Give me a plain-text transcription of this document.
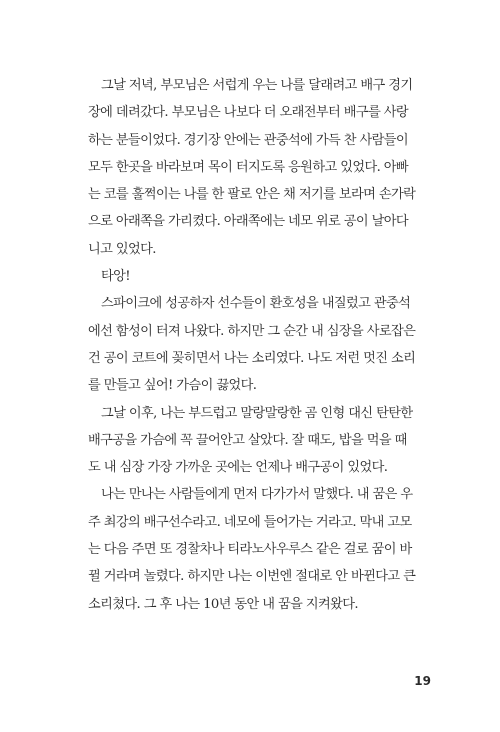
그날 저녁, 부모님은 서럽게 우는 나를 달래려고 배구 경기
장에 데려갔다. 부모님은 나보다 더 오래전부터 배구를 사랑
하는 분들이었다. 경기장 안에는 관중석에 가득 찬 사람들이
모두 한곳을 바라보며 목이 터지도록 응원하고 있었다. 아빠
는 코를 훌쩍이는 나를 한 팔로 안은 채 저기를 보라며 손가락
으로 아래쪽을 가리켰다. 아래쪽에는 네모 위로 공이 날아다
니고 있었다.
타앙!
스파이크에 성공하자 선수들이 환호성을 내질렀고 관중석
에선 함성이 터져 나왔다. 하지만 그 순간 내 심장을 사로잡은
건 공이 코트에 꽂히면서 나는 소리였다. 나도 저런 멋진 소리
를 만들고 싶어! 가슴이 끓었다.
그날 이후, 나는 부드럽고 말랑말랑한 곰 인형 대신 탄탄한
배구공을 가슴에 꼭 끌어안고 살았다. 잘 때도, 밥을 먹을 때
도 내 심장 가장 가까운 곳에는 언제나 배구공이 있었다.
나는 만나는 사람들에게 먼저 다가가서 말했다. 내 꿈은 우
주 최강의 배구선수라고. 네모에 들어가는 거라고. 막내 고모
는 다음 주면 또 경찰차나 티라노사우루스 같은 걸로 꿈이 바
뀔 거라며 놀렸다. 하지만 나는 이번엔 절대로 안 바뀐다고 큰
소리쳤다. 그 후 나는 10년 동안 내 꿈을 지켜왔다.
19
